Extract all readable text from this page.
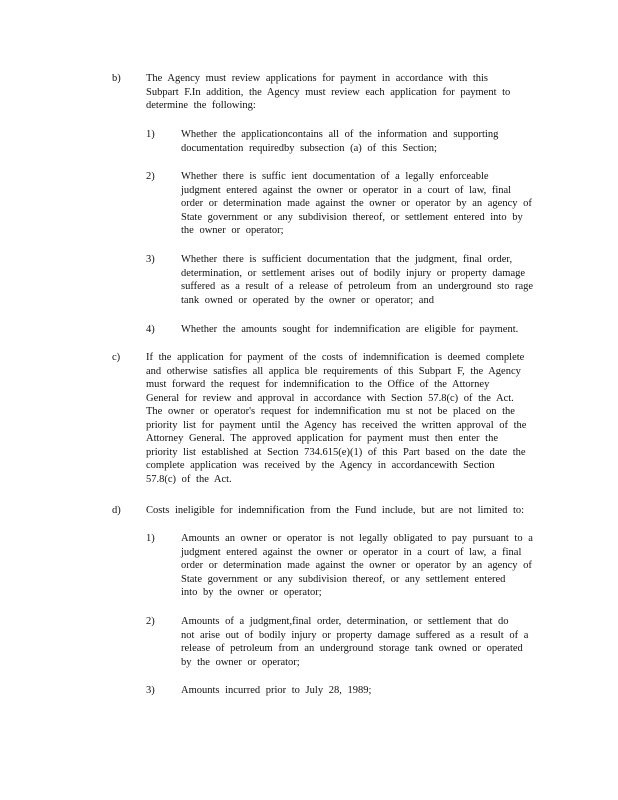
b) The Agency must review applications for payment in accordance with this
Subpart F.In addition, the Agency must review each application for payment to
determine the following:
1)	Whether the applicationcontains all of the information and supporting
documentation requiredby subsection (a) of this Section;
2)	Whether there is suffic ient documentation of a legally enforceable
judgment entered against the owner or operator in a court of law, final
order or determination made against the owner or operator by an agency of
State government or any subdivision thereof, or settlement entered into by
the owner or operator;
3)	Whether there is sufficient documentation that the judgment, final order,
determination, or settlement arises out of bodily injury or property damage
suffered as a result of a release of petroleum from an underground sto rage
tank owned or operated by the owner or operator; and
4)	Whether the amounts sought for indemnification are eligible for payment.
c) If the application for payment of the costs of indemnification is deemed complete
and otherwise satisfies all applica ble requirements of this Subpart F, the Agency
must forward the request for indemnification to the Office of the Attorney
General for review and approval in accordance with Section 57.8(c) of the Act.
The owner or operator's request for indemnification mu st not be placed on the
priority list for payment until the Agency has received the written approval of the
Attorney General. The approved application for payment must then enter the
priority list established at Section 734.615(e)(1) of this Part based on the date the
complete application was received by the Agency in accordancewith Section
57.8(c) of the Act.
d) Costs ineligible for indemnification from the Fund include, but are not limited to:
1)	Amounts an owner or operator is not legally obligated to pay pursuant to a
judgment entered against the owner or operator in a court of law, a final
order or determination made against the owner or operator by an agency of
State government or any subdivision thereof, or any settlement entered
into by the owner or operator;
2)	Amounts of a judgment,final order, determination, or settlement that do
not arise out of bodily injury or property damage suffered as a result of a
release of petroleum from an underground storage tank owned or operated
by the owner or operator;
3)	Amounts incurred prior to July 28, 1989;
